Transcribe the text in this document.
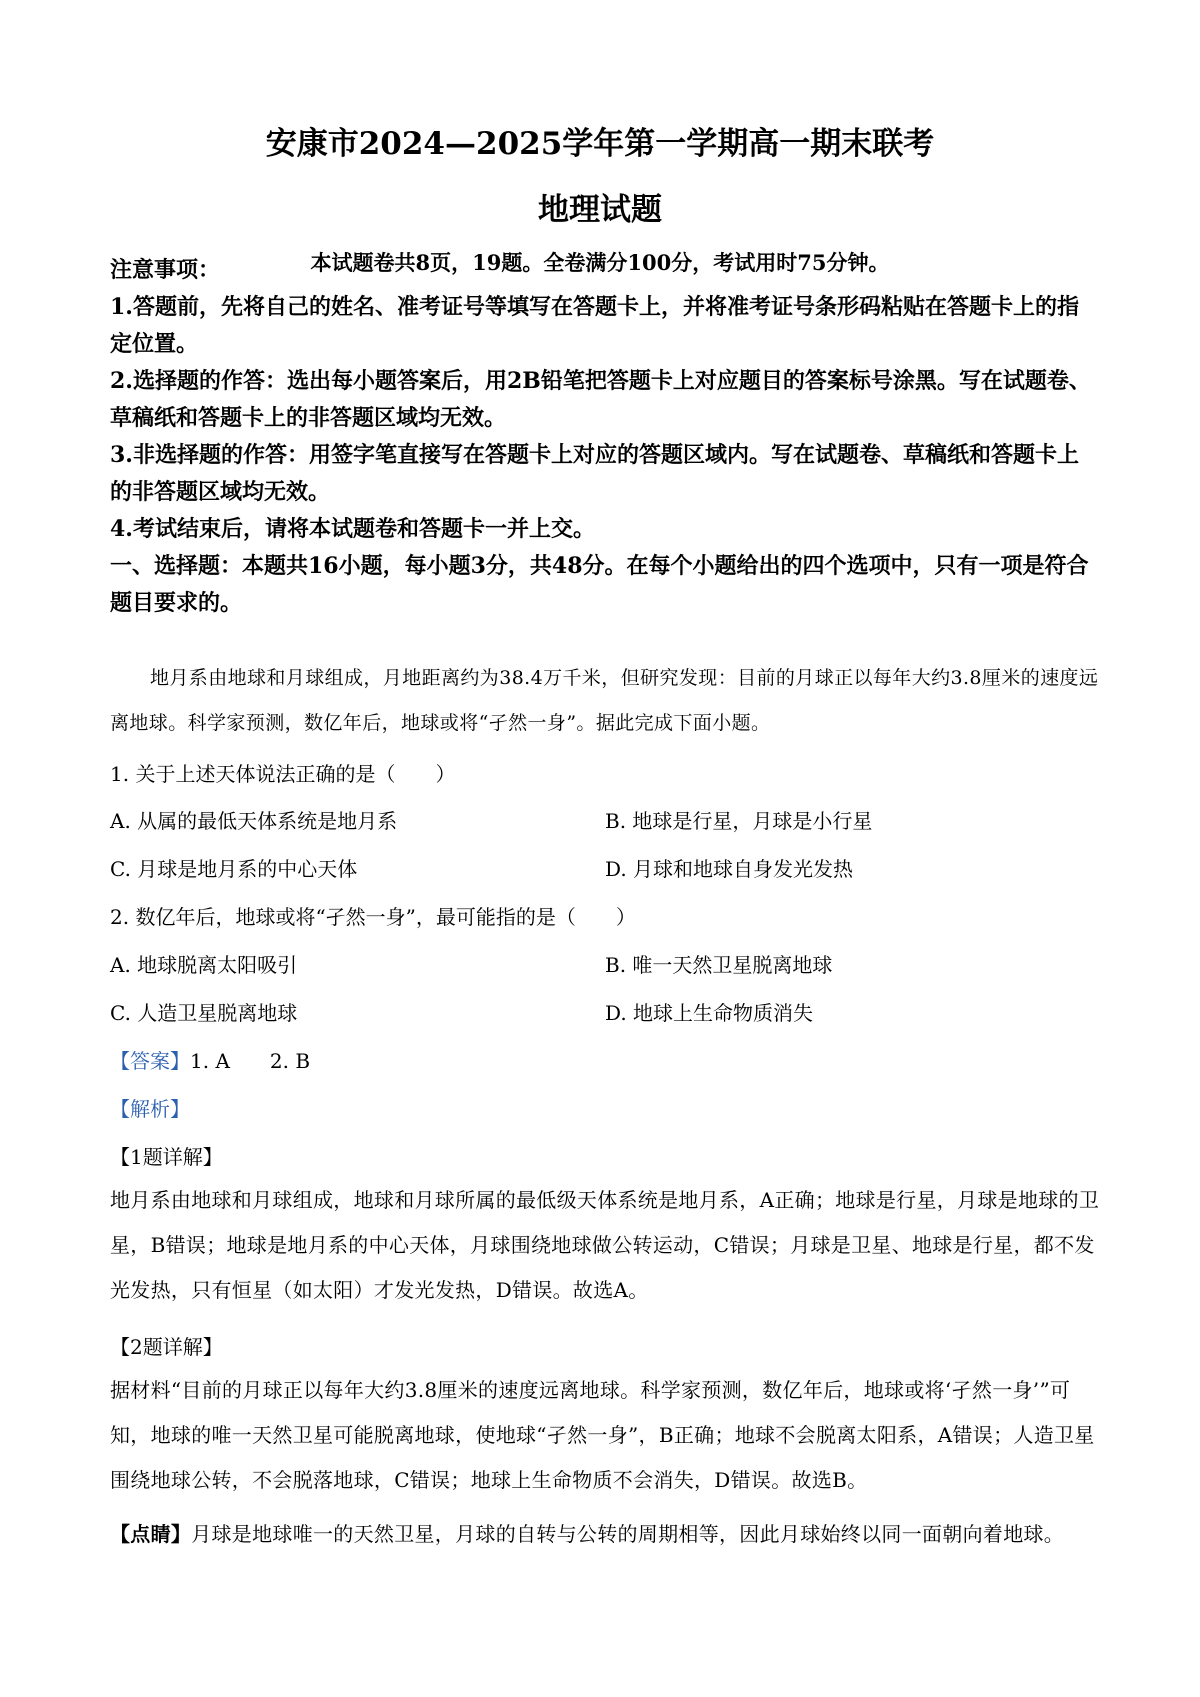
安康市2024—2025学年第一学期高一期末联考
地理试题
本试题卷共8页，19题。全卷满分100分，考试用时75分钟。

注意事项：

1.答题前，先将自己的姓名、准考证号等填写在答题卡上，并将准考证号条形码粘贴在答题卡上的指定位置。

2.选择题的作答：选出每小题答案后，用2B铅笔把答题卡上对应题目的答案标号涂黑。写在试题卷、草稿纸和答题卡上的非答题区域均无效。

3.非选择题的作答：用签字笔直接写在答题卡上对应的答题区域内。写在试题卷、草稿纸和答题卡上的非答题区域均无效。

4.考试结束后，请将本试题卷和答题卡一并上交。

一、选择题：本题共16小题，每小题3分，共48分。在每个小题给出的四个选项中，只有一项是符合题目要求的。

地月系由地球和月球组成，月地距离约为38.4万千米，但研究发现：目前的月球正以每年大约3.8厘米的速度远离地球。科学家预测，数亿年后，地球或将“孑然一身”。据此完成下面小题。
1. 关于上述天体说法正确的是（　　）
A. 从属的最低天体系统是地月系	B. 地球是行星，月球是小行星
C. 月球是地月系的中心天体	D. 月球和地球自身发光发热
2. 数亿年后，地球或将“孑然一身”，最可能指的是（　　）
A. 地球脱离太阳吸引	B. 唯一天然卫星脱离地球
C. 人造卫星脱离地球	D. 地球上生命物质消失
【答案】1. A　　2. B
【解析】
【1题详解】

地月系由地球和月球组成，地球和月球所属的最低级天体系统是地月系，A正确；地球是行星，月球是地球的卫星，B错误；地球是地月系的中心天体，月球围绕地球做公转运动，C错误；月球是卫星、地球是行星，都不发光发热，只有恒星（如太阳）才发光发热，D错误。故选A。

【2题详解】

据材料“目前的月球正以每年大约3.8厘米的速度远离地球。科学家预测，数亿年后，地球或将‘孑然一身’”可知，地球的唯一天然卫星可能脱离地球，使地球“孑然一身”，B正确；地球不会脱离太阳系，A错误；人造卫星围绕地球公转，不会脱落地球，C错误；地球上生命物质不会消失，D错误。故选B。

【点睛】月球是地球唯一的天然卫星，月球的自转与公转的周期相等，因此月球始终以同一面朝向着地球。
